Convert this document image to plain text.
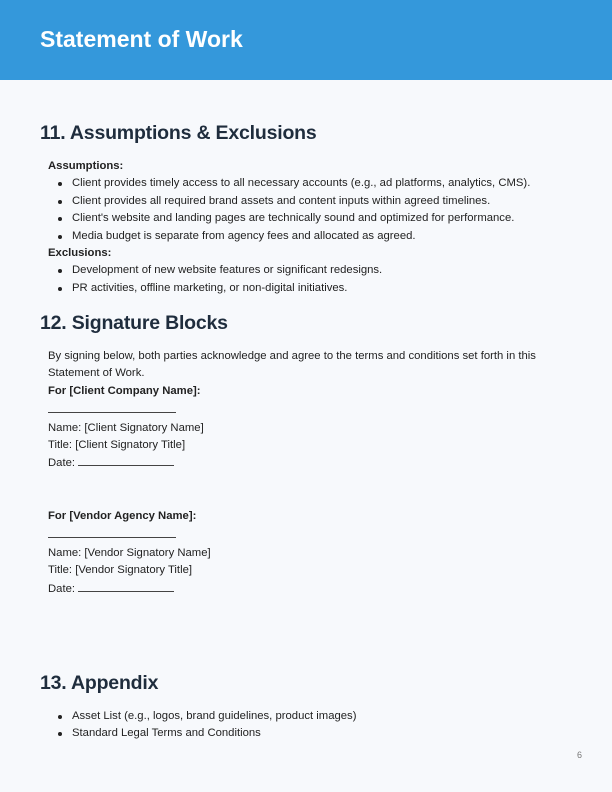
Statement of Work
11. Assumptions & Exclusions
Assumptions:
Client provides timely access to all necessary accounts (e.g., ad platforms, analytics, CMS).
Client provides all required brand assets and content inputs within agreed timelines.
Client's website and landing pages are technically sound and optimized for performance.
Media budget is separate from agency fees and allocated as agreed.
Exclusions:
Development of new website features or significant redesigns.
PR activities, offline marketing, or non-digital initiatives.
12. Signature Blocks
By signing below, both parties acknowledge and agree to the terms and conditions set forth in this
Statement of Work.
For [Client Company Name]:
Name: [Client Signatory Name]
Title: [Client Signatory Title]
Date:
For [Vendor Agency Name]:
Name: [Vendor Signatory Name]
Title: [Vendor Signatory Title]
Date:
13. Appendix
Asset List (e.g., logos, brand guidelines, product images)
Standard Legal Terms and Conditions
6
